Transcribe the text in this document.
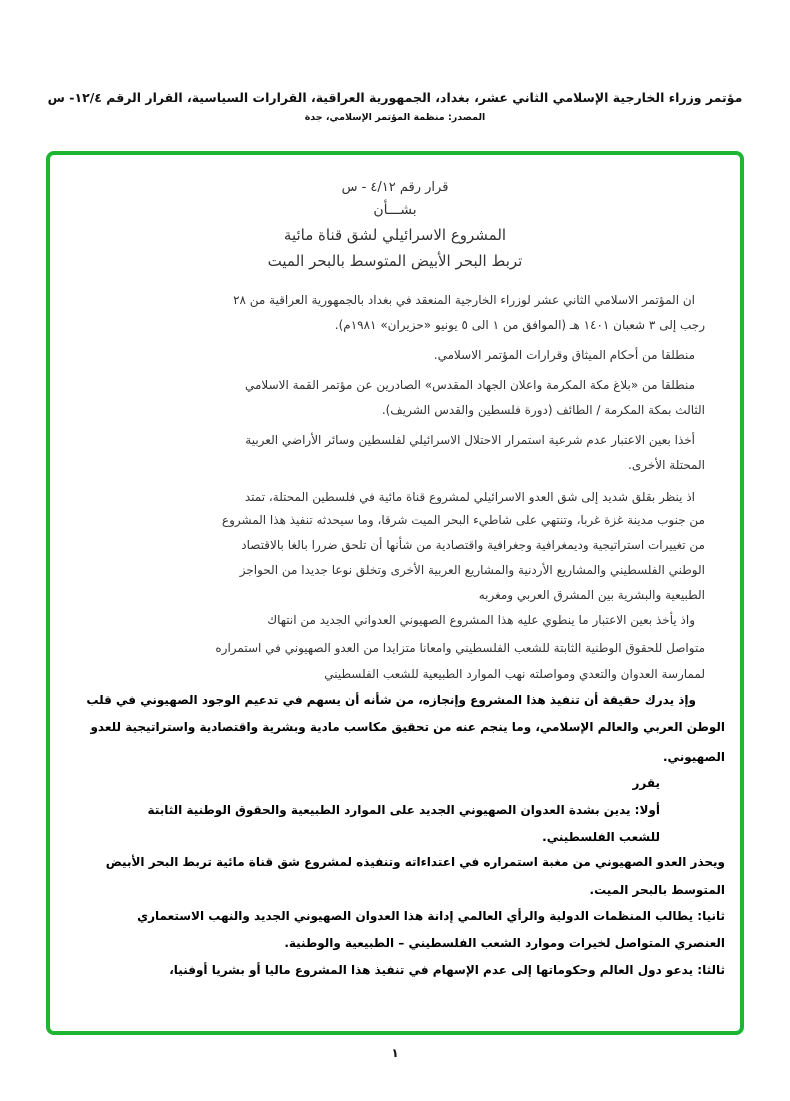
مؤتمر وزراء الخارجية الإسلامي الثاني عشر، بغداد، الجمهورية العراقية، القرارات السياسية، القرار الرقم ١٢/٤- س
المصدر: منظمة المؤتمر الإسلامي، جدة
قرار رقم ٤/١٢ - س
بشـــأن
المشروع الاسرائيلي لشق قناة مائية
تربط البحر الأبيض المتوسط بالبحر الميت
ان المؤتمر الاسلامي الثاني عشر لوزراء الخارجية المنعقد في بغداد بالجمهورية العراقية من ٢٨
رجب إلى ٣ شعبان ١٤٠١ هـ (الموافق من ١ الى ٥ يونيو «حزيران» ١٩٨١م).
منطلقا من أحكام الميثاق وقرارات المؤتمر الاسلامي.
منطلقا من «بلاغ مكة المكرمة واعلان الجهاد المقدس» الصادرين عن مؤتمر القمة الاسلامي
الثالث بمكة المكرمة / الطائف (دورة فلسطين والقدس الشريف).
أخذا بعين الاعتبار عدم شرعية استمرار الاحتلال الاسرائيلي لفلسطين وسائر الأراضي العربية
المحتلة الأخرى.
اذ ينظر بقلق شديد إلى شق العدو الاسرائيلي لمشروع قناة مائية في فلسطين المحتلة، تمتد
من جنوب مدينة غزة غربا، وتنتهي على شاطيء البحر الميت شرقا، وما سيحدثه تنفيذ هذا المشروع
من تغييرات استراتيجية وديمغرافية وجغرافية واقتصادية من شأنها أن تلحق ضررا بالغا بالاقتصاد
الوطني الفلسطيني والمشاريع الأردنية والمشاريع العربية الأخرى وتخلق نوعا جديدا من الحواجز
الطبيعية والبشرية بين المشرق العربي ومغربه
واذ يأخذ بعين الاعتبار ما ينطوي عليه هذا المشروع الصهيوني العدواني الجديد من انتهاك
متواصل للحقوق الوطنية الثابتة للشعب الفلسطيني وامعانا متزايدا من العدو الصهيوني في استمراره
لممارسة العدوان والتعدي ومواصلته نهب الموارد الطبيعية للشعب الفلسطيني
وإذ يدرك حقيقة أن تنفيذ هذا المشروع وإنجازه، من شأنه أن يسهم في تدعيم الوجود الصهيوني في قلب
الوطن العربي والعالم الإسلامي، وما ينجم عنه من تحقيق مكاسب مادية وبشرية واقتصادية واستراتيجية للعدو
الصهيوني.
يقرر
أولا: يدين بشدة العدوان الصهيوني الجديد على الموارد الطبيعية والحقوق الوطنية الثابتة
للشعب الفلسطيني.
ويحذر العدو الصهيوني من مغبة استمراره في اعتداءاته وتنفيذه لمشروع شق قناة مائية تربط البحر الأبيض
المتوسط بالبحر الميت.
ثانيا: يطالب المنظمات الدولية والرأي العالمي إدانة هذا العدوان الصهيوني الجديد والنهب الاستعماري
العنصري المتواصل لخيرات وموارد الشعب الفلسطيني – الطبيعية والوطنية.
ثالثا: يدعو دول العالم وحكوماتها إلى عدم الإسهام في تنفيذ هذا المشروع ماليا أو بشريا أوفنيا،
١
